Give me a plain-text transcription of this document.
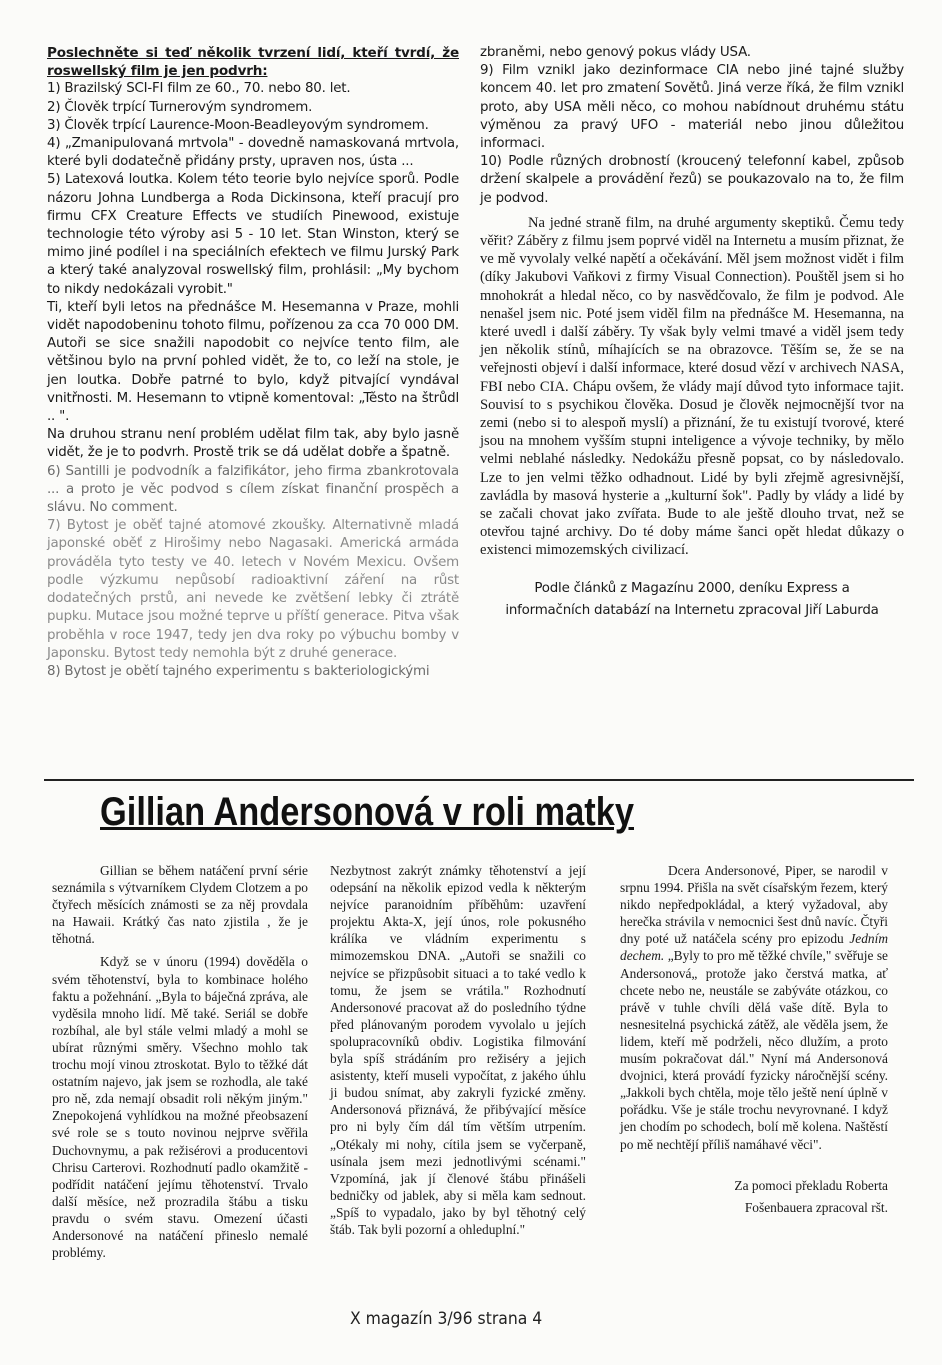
Poslechněte si teď několik tvrzení lidí, kteří tvrdí, že roswellský film je jen podvrh:

1) Brazilský SCI-FI film ze 60., 70. nebo 80. let.

2) Člověk trpící Turnerovým syndromem.

3) Člověk trpící Laurence-Moon-Beadleyovým syndromem.

4) „Zmanipulovaná mrtvola" - dovedně namaskovaná mrtvola, které byli dodatečně přidány prsty, upraven nos, ústa ...

5) Latexová loutka. Kolem této teorie bylo nejvíce sporů. Podle názoru Johna Lundberga a Roda Dickinsona, kteří pracují pro firmu CFX Creature Effects ve studiích Pinewood, existuje technologie této výroby asi 5 - 10 let. Stan Winston, který se mimo jiné podílel i na speciálních efektech ve filmu Jurský Park a který také analyzoval roswellský film, prohlásil: „My bychom to nikdy nedokázali vyrobit."

Ti, kteří byli letos na přednášce M. Hesemanna v Praze, mohli vidět napodobeninu tohoto filmu, pořízenou za cca 70 000 DM. Autoři se sice snažili napodobit co nejvíce tento film, ale většinou bylo na první pohled vidět, že to, co leží na stole, je jen loutka. Dobře patrné to bylo, když pitvající vyndával vnitřnosti. M. Hesemann to vtipně komentoval: „Těsto na štrůdl .. ".

Na druhou stranu není problém udělat film tak, aby bylo jasně vidět, že je to podvrh. Prostě trik se dá udělat dobře a špatně.

6) Santilli je podvodník a falzifikátor, jeho firma zbankrotovala ... a proto je věc podvod s cílem získat finanční prospěch a slávu. No comment.

7) Bytost je oběť tajné atomové zkoušky. Alternativně mladá japonské oběť z Hirošimy nebo Nagasaki. Americká armáda prováděla tyto testy ve 40. letech v Novém Mexicu. Ovšem podle výzkumu nepůsobí radioaktivní záření na růst dodatečných prstů, ani nevede ke zvětšení lebky či ztrátě pupku. Mutace jsou možné teprve u příští generace. Pitva však proběhla v roce 1947, tedy jen dva roky po výbuchu bomby v Japonsku. Bytost tedy nemohla být z druhé generace.

8) Bytost je obětí tajného experimentu s bakteriologickými

zbraněmi, nebo genový pokus vlády USA.

9) Film vznikl jako dezinformace CIA nebo jiné tajné služby koncem 40. let pro zmatení Sovětů. Jiná verze říká, že film vznikl proto, aby USA měli něco, co mohou nabídnout druhému státu výměnou za pravý UFO - materiál nebo jinou důležitou informaci.

10) Podle různých drobností (kroucený telefonní kabel, způsob držení skalpele a provádění řezů) se poukazovalo na to, že film je podvod.

Na jedné straně film, na druhé argumenty skeptiků. Čemu tedy věřit? Záběry z filmu jsem poprvé viděl na Internetu a musím přiznat, že ve mě vyvolaly velké napětí a očekávání. Měl jsem možnost vidět i film (díky Jakubovi Vaňkovi z firmy Visual Connection). Pouštěl jsem si ho mnohokrát a hledal něco, co by nasvědčovalo, že film je podvod. Ale nenašel jsem nic. Poté jsem viděl film na přednášce M. Hesemanna, na které uvedl i další záběry. Ty však byly velmi tmavé a viděl jsem tedy jen několik stínů, míhajících se na obrazovce. Těším se, že se na veřejnosti objeví i další informace, které dosud vězí v archivech NASA, FBI nebo CIA. Chápu ovšem, že vlády mají důvod tyto informace tajit. Souvisí to s psychikou člověka. Dosud je člověk nejmocnější tvor na zemi (nebo si to alespoň myslí) a přiznání, že tu existují tvorové, které jsou na mnohem vyšším stupni inteligence a vývoje techniky, by mělo velmi neblahé následky. Nedokážu přesně popsat, co by následovalo. Lze to jen velmi těžko odhadnout. Lidé by byli zřejmě agresivnější, zavládla by masová hysterie a „kulturní šok". Padly by vlády a lidé by se začali chovat jako zvířata. Bude to ale ještě dlouho trvat, než se otevřou tajné archivy. Do té doby máme šanci opět hledat důkazy o existenci mimozemských civilizací.

Podle článků z Magazínu 2000, deníku Express a
informačních databází na Internetu zpracoval Jiří Laburda

Gillian Andersonová v roli matky

Gillian se během natáčení první série seznámila s výtvarníkem Clydem Clotzem a po čtyřech měsících známosti se za něj provdala na Hawaii. Krátký čas nato zjistila , že je těhotná.

Když se v únoru (1994) dověděla o svém těhotenství, byla to kombinace holého faktu a požehnání. „Byla to báječná zpráva, ale vyděsila mnoho lidí. Mě také. Seriál se dobře rozbíhal, ale byl stále velmi mladý a mohl se ubírat různými směry. Všechno mohlo tak trochu mojí vinou ztroskotat. Bylo to těžké dát ostatním najevo, jak jsem se rozhodla, ale také pro ně, zda nemají obsadit roli někým jiným." Znepokojená vyhlídkou na možné přeobsazení své role se s touto novinou nejprve svěřila Duchovnymu, a pak režisérovi a producentovi Chrisu Carterovi. Rozhodnutí padlo okamžitě - podřídit natáčení jejímu těhotenství. Trvalo další měsíce, než prozradila štábu a tisku pravdu o svém stavu. Omezení účasti Andersonové na natáčení přineslo nemalé problémy.

Nezbytnost zakrýt známky těhotenství a její odepsání na několik epizod vedla k některým nejvíce paranoidním příběhům: uzavření projektu Akta-X, její únos, role pokusného králíka ve vládním experimentu s mimozemskou DNA. „Autoři se snažili co nejvíce se přizpůsobit situaci a to také vedlo k tomu, že jsem se vrátila." Rozhodnutí Andersonové pracovat až do posledního týdne před plánovaným porodem vyvolalo u jejích spolupracovníků obdiv. Logistika filmování byla spíš strádáním pro režiséry a jejich asistenty, kteří museli vypočítat, z jakého úhlu ji budou snímat, aby zakryli fyzické změny. Andersonová přiznává, že přibývající měsíce pro ni byly čím dál tím větším utrpením. „Otékaly mi nohy, cítila jsem se vyčerpaně, usínala jsem mezi jednotlivými scénami." Vzpomíná, jak jí členové štábu přinášeli bedničky od jablek, aby si měla kam sednout. „Spíš to vypadalo, jako by byl těhotný celý štáb. Tak byli pozorní a ohleduplní."

Dcera Andersonové, Piper, se narodil v srpnu 1994. Přišla na svět císařským řezem, který nikdo nepředpokládal, a který vyžadoval, aby herečka strávila v nemocnici šest dnů navíc. Čtyři dny poté už natáčela scény pro epizodu Jedním dechem. „Byly to pro mě těžké chvíle," svěřuje se Andersonová„ protože jako čerstvá matka, ať chcete nebo ne, neustále se zabýváte otázkou, co právě v tuhle chvíli dělá vaše dítě. Byla to nesnesitelná psychická zátěž, ale věděla jsem, že lidem, kteří mě podrželi, něco dlužím, a proto musím pokračovat dál." Nyní má Andersonová dvojnici, která provádí fyzicky náročnější scény. „Jakkoli bych chtěla, moje tělo ještě není úplně v pořádku. Vše je stále trochu nevyrovnané. I když jen chodím po schodech, bolí mě kolena. Naštěstí po mě nechtějí příliš namáhavé věci".

Za pomoci překladu Roberta
Fošenbauera zpracoval ršt.

X magazín 3/96 strana 4
